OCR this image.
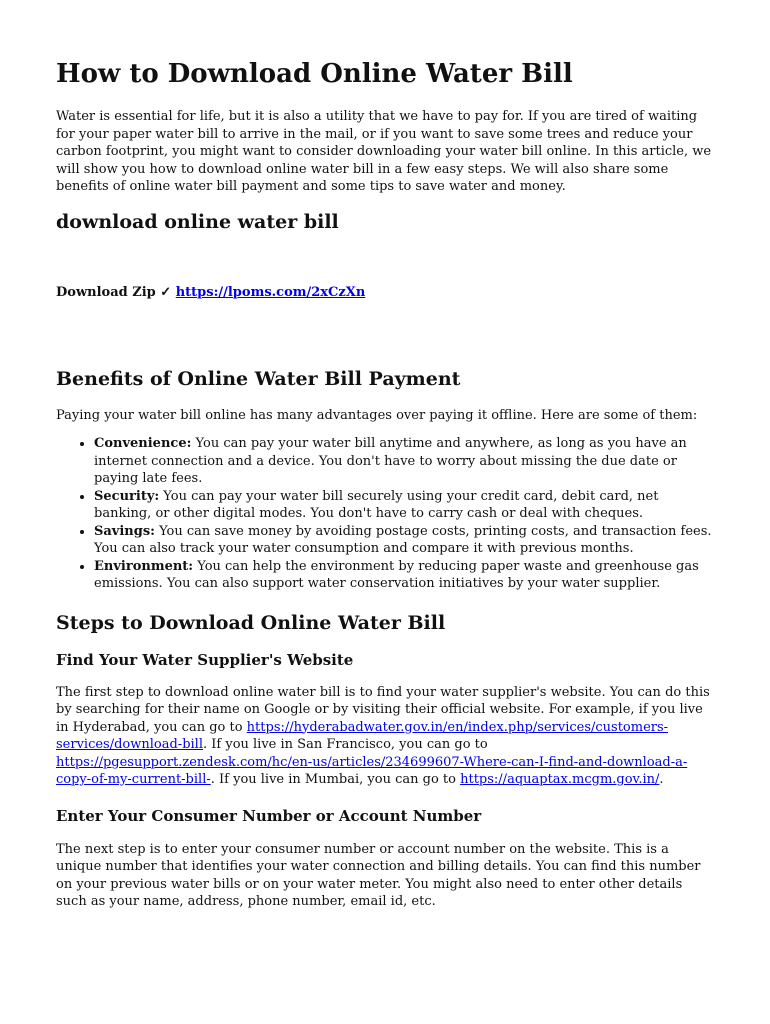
How to Download Online Water Bill

Water is essential for life, but it is also a utility that we have to pay for. If you are tired of waiting for your paper water bill to arrive in the mail, or if you want to save some trees and reduce your carbon footprint, you might want to consider downloading your water bill online. In this article, we will show you how to download online water bill in a few easy steps. We will also share some benefits of online water bill payment and some tips to save water and money.

download online water bill

Download Zip ✓ https://lpoms.com/2xCzXn

Benefits of Online Water Bill Payment

Paying your water bill online has many advantages over paying it offline. Here are some of them:

• Convenience: You can pay your water bill anytime and anywhere, as long as you have an internet connection and a device. You don't have to worry about missing the due date or paying late fees.
• Security: You can pay your water bill securely using your credit card, debit card, net banking, or other digital modes. You don't have to carry cash or deal with cheques.
• Savings: You can save money by avoiding postage costs, printing costs, and transaction fees. You can also track your water consumption and compare it with previous months.
• Environment: You can help the environment by reducing paper waste and greenhouse gas emissions. You can also support water conservation initiatives by your water supplier.
Steps to Download Online Water Bill
Find Your Water Supplier's Website

The first step to download online water bill is to find your water supplier's website. You can do this by searching for their name on Google or by visiting their official website. For example, if you live in Hyderabad, you can go to https://hyderabadwater.gov.in/en/index.php/services/customers-services/download-bill. If you live in San Francisco, you can go to https://pgesupport.zendesk.com/hc/en-us/articles/234699607-Where-can-I-find-and-download-a-copy-of-my-current-bill-. If you live in Mumbai, you can go to https://aquaptax.mcgm.gov.in/.

Enter Your Consumer Number or Account Number

The next step is to enter your consumer number or account number on the website. This is a unique number that identifies your water connection and billing details. You can find this number on your previous water bills or on your water meter. You might also need to enter other details such as your name, address, phone number, email id, etc.
